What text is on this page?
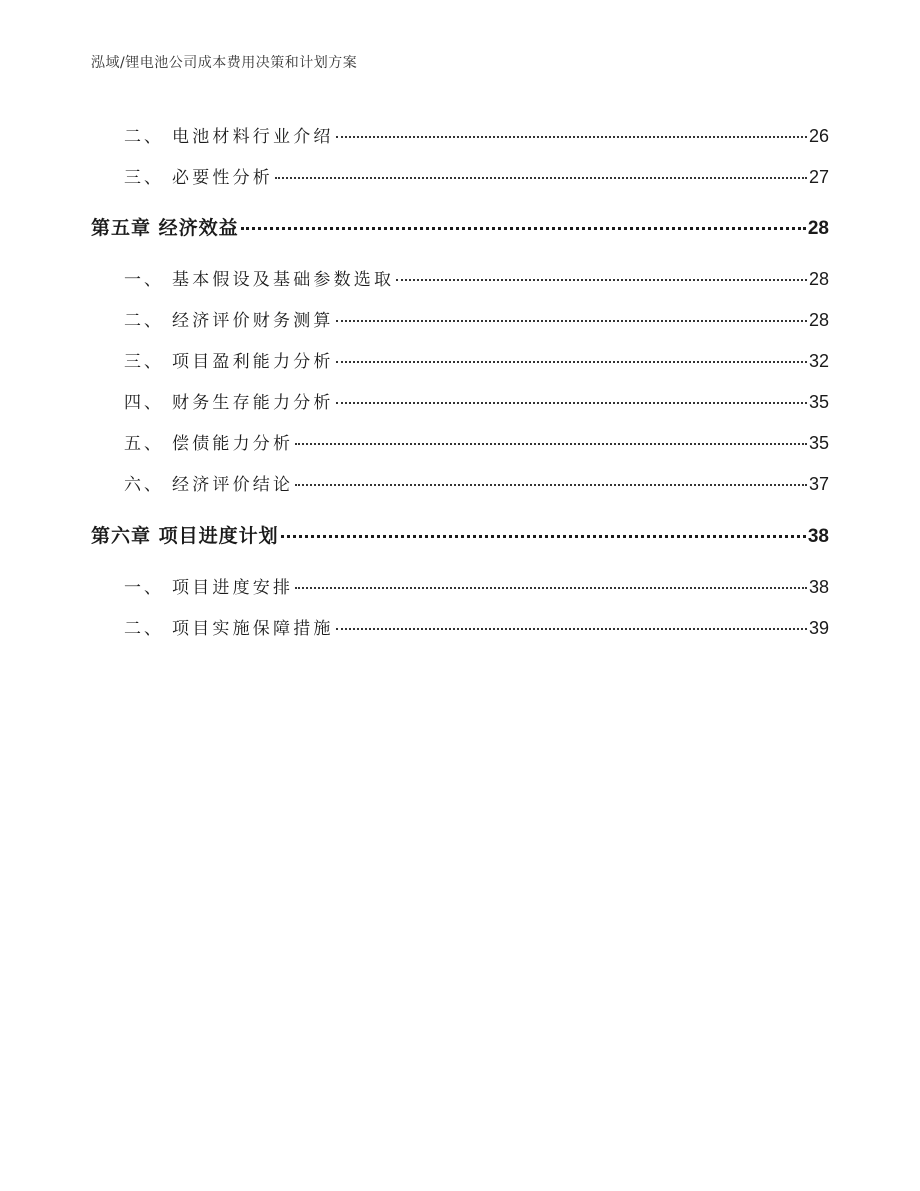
泓域/锂电池公司成本费用决策和计划方案
二、 电池材料行业介绍	26
三、 必要性分析	27
第五章 经济效益	28
一、 基本假设及基础参数选取	28
二、 经济评价财务测算	28
三、 项目盈利能力分析	32
四、 财务生存能力分析	35
五、 偿债能力分析	35
六、 经济评价结论	37
第六章 项目进度计划	38
一、 项目进度安排	38
二、 项目实施保障措施	39
